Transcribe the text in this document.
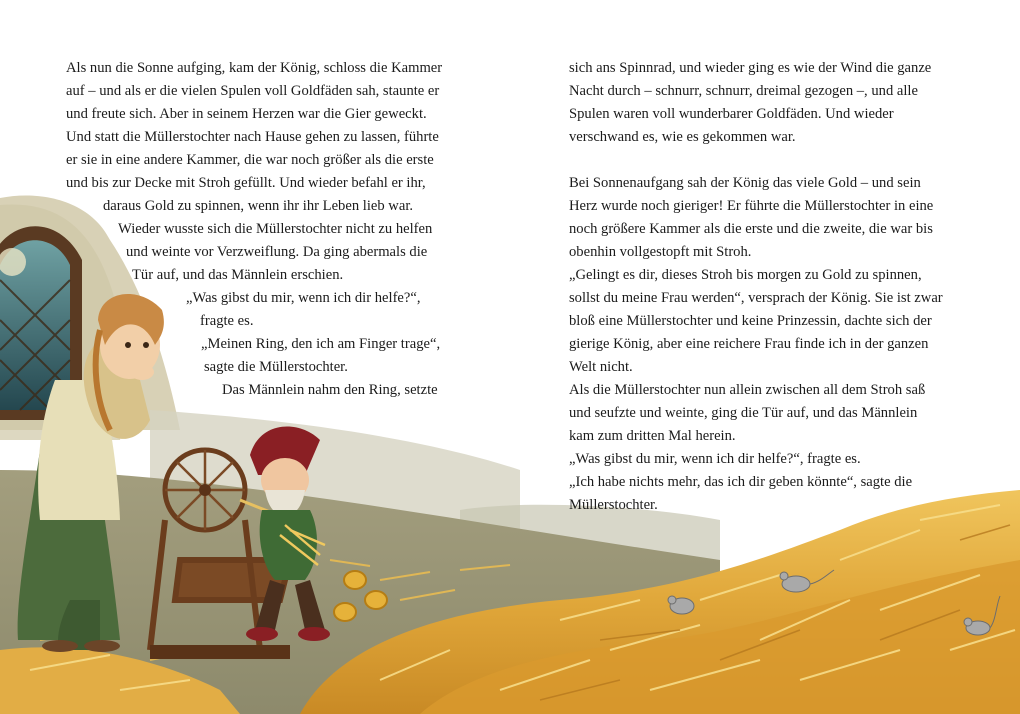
Als nun die Sonne aufging, kam der König, schloss die Kammer
auf – und als er die vielen Spulen voll Goldfäden sah, staunte er
und freute sich. Aber in seinem Herzen war die Gier geweckt.
Und statt die Müllerstochter nach Hause gehen zu lassen, führte
er sie in eine andere Kammer, die war noch größer als die erste
und bis zur Decke mit Stroh gefüllt. Und wieder befahl er ihr,
daraus Gold zu spinnen, wenn ihr ihr Leben lieb war.
Wieder wusste sich die Müllerstochter nicht zu helfen
und weinte vor Verzweiflung. Da ging abermals die
Tür auf, und das Männlein erschien.
„Was gibst du mir, wenn ich dir helfe?“,
fragte es.
„Meinen Ring, den ich am Finger trage“,
sagte die Müllerstochter.
Das Männlein nahm den Ring, setzte
sich ans Spinnrad, und wieder ging es wie der Wind die ganze
Nacht durch – schnurr, schnurr, dreimal gezogen –, und alle
Spulen waren voll wunderbarer Goldfäden. Und wieder
verschwand es, wie es gekommen war.
Bei Sonnenaufgang sah der König das viele Gold – und sein
Herz wurde noch gieriger! Er führte die Müllerstochter in eine
noch größere Kammer als die erste und die zweite, die war bis
obenhin vollgestopft mit Stroh.
„Gelingt es dir, dieses Stroh bis morgen zu Gold zu spinnen,
sollst du meine Frau werden“, versprach der König. Sie ist zwar
bloß eine Müllerstochter und keine Prinzessin, dachte sich der
gierige König, aber eine reichere Frau finde ich in der ganzen
Welt nicht.
Als die Müllerstochter nun allein zwischen all dem Stroh saß
und seufzte und weinte, ging die Tür auf, und das Männlein
kam zum dritten Mal herein.
„Was gibst du mir, wenn ich dir helfe?“, fragte es.
„Ich habe nichts mehr, das ich dir geben könnte“, sagte die
Müllerstochter.
